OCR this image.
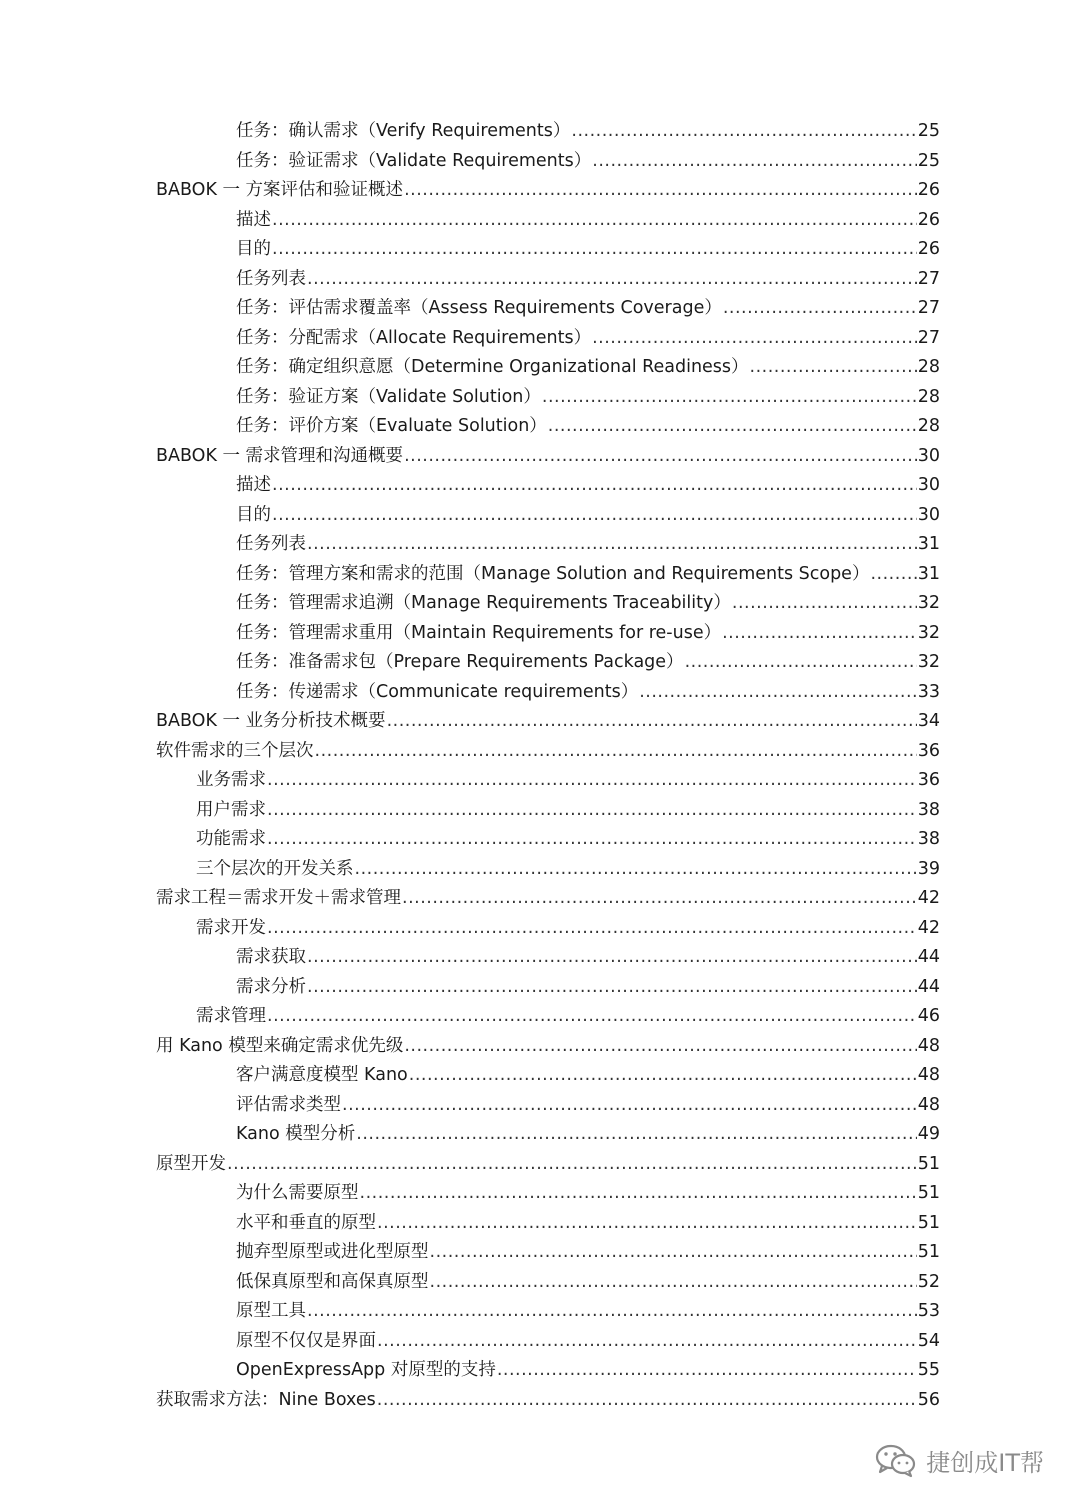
任务：确认需求（Verify Requirements） .....	25
任务：验证需求（Validate Requirements） .....	25
BABOK 一 方案评估和验证概述 .....	26
描述 .....	26
目的 .....	26
任务列表 .....	27
任务：评估需求覆盖率（Assess Requirements Coverage） .....	27
任务：分配需求（Allocate Requirements） .....	27
任务：确定组织意愿（Determine Organizational Readiness） .....	28
任务：验证方案（Validate Solution） .....	28
任务：评价方案（Evaluate Solution） .....	28
BABOK 一 需求管理和沟通概要 .....	30
描述 .....	30
目的 .....	30
任务列表 .....	31
任务：管理方案和需求的范围（Manage Solution and Requirements Scope） .....	31
任务：管理需求追溯（Manage Requirements Traceability） .....	32
任务：管理需求重用（Maintain Requirements for re-use） .....	32
任务：准备需求包（Prepare Requirements Package） .....	32
任务：传递需求（Communicate requirements） .....	33
BABOK 一 业务分析技术概要 .....	34
软件需求的三个层次 .....	36
业务需求 .....	36
用户需求 .....	38
功能需求 .....	38
三个层次的开发关系 .....	39
需求工程＝需求开发＋需求管理 .....	42
需求开发 .....	42
需求获取 .....	44
需求分析 .....	44
需求管理 .....	46
用 Kano 模型来确定需求优先级 .....	48
客户满意度模型 Kano .....	48
评估需求类型 .....	48
Kano 模型分析 .....	49
原型开发 .....	51
为什么需要原型 .....	51
水平和垂直的原型 .....	51
抛弃型原型或进化型原型 .....	51
低保真原型和高保真原型 .....	52
原型工具 .....	53
原型不仅仅是界面 .....	54
OpenExpressApp 对原型的支持 .....	55
获取需求方法：Nine Boxes .....	56
捷创成IT帮
